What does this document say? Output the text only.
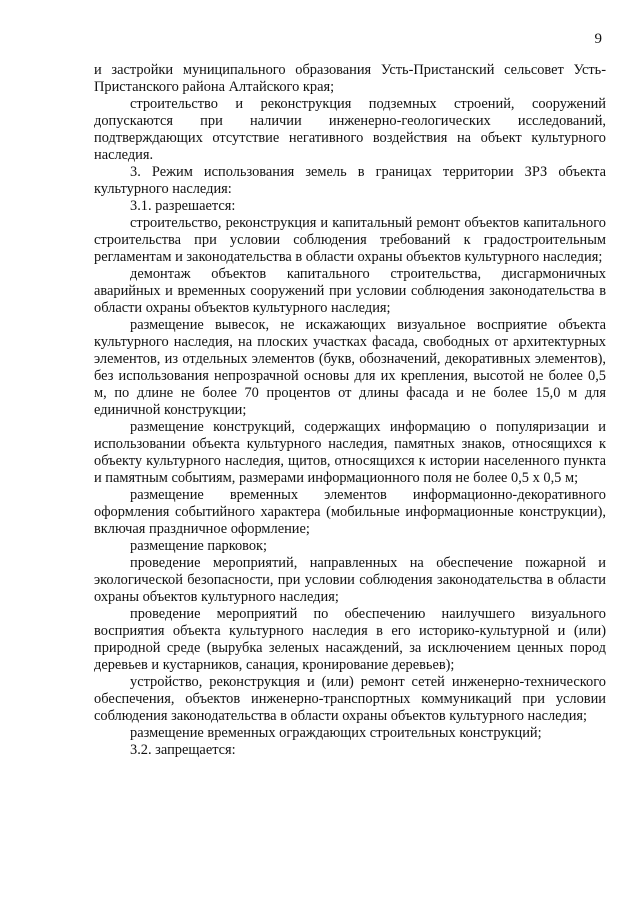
9

и застройки муниципального образования Усть-Пристанский сельсовет Усть-Пристанского района Алтайского края;

строительство и реконструкция подземных строений, сооружений допускаются при наличии инженерно-геологических исследований, подтверждающих отсутствие негативного воздействия на объект культурного наследия.

3. Режим использования земель в границах территории ЗРЗ объекта культурного наследия:

3.1. разрешается:

строительство, реконструкция и капитальный ремонт объектов капитального строительства при условии соблюдения требований к градостроительным регламентам и законодательства в области охраны объектов культурного наследия;

демонтаж объектов капитального строительства, дисгармоничных аварийных и временных сооружений при условии соблюдения законодательства в области охраны объектов культурного наследия;

размещение вывесок, не искажающих визуальное восприятие объекта культурного наследия, на плоских участках фасада, свободных от архитектурных элементов, из отдельных элементов (букв, обозначений, декоративных элементов), без использования непрозрачной основы для их крепления, высотой не более 0,5 м, по длине не более 70 процентов от длины фасада и не более 15,0 м для единичной конструкции;

размещение конструкций, содержащих информацию о популяризации и использовании объекта культурного наследия, памятных знаков, относящихся к объекту культурного наследия, щитов, относящихся к истории населенного пункта и памятным событиям, размерами информационного поля не более 0,5 х 0,5 м;

размещение временных элементов информационно-декоративного оформления событийного характера (мобильные информационные конструкции), включая праздничное оформление;

размещение парковок;

проведение мероприятий, направленных на обеспечение пожарной и экологической безопасности, при условии соблюдения законодательства в области охраны объектов культурного наследия;

проведение мероприятий по обеспечению наилучшего визуального восприятия объекта культурного наследия в его историко-культурной и (или) природной среде (вырубка зеленых насаждений, за исключением ценных пород деревьев и кустарников, санация, кронирование деревьев);

устройство, реконструкция и (или) ремонт сетей инженерно-технического обеспечения, объектов инженерно-транспортных коммуникаций при условии соблюдения законодательства в области охраны объектов культурного наследия;

размещение временных ограждающих строительных конструкций;

3.2. запрещается:
